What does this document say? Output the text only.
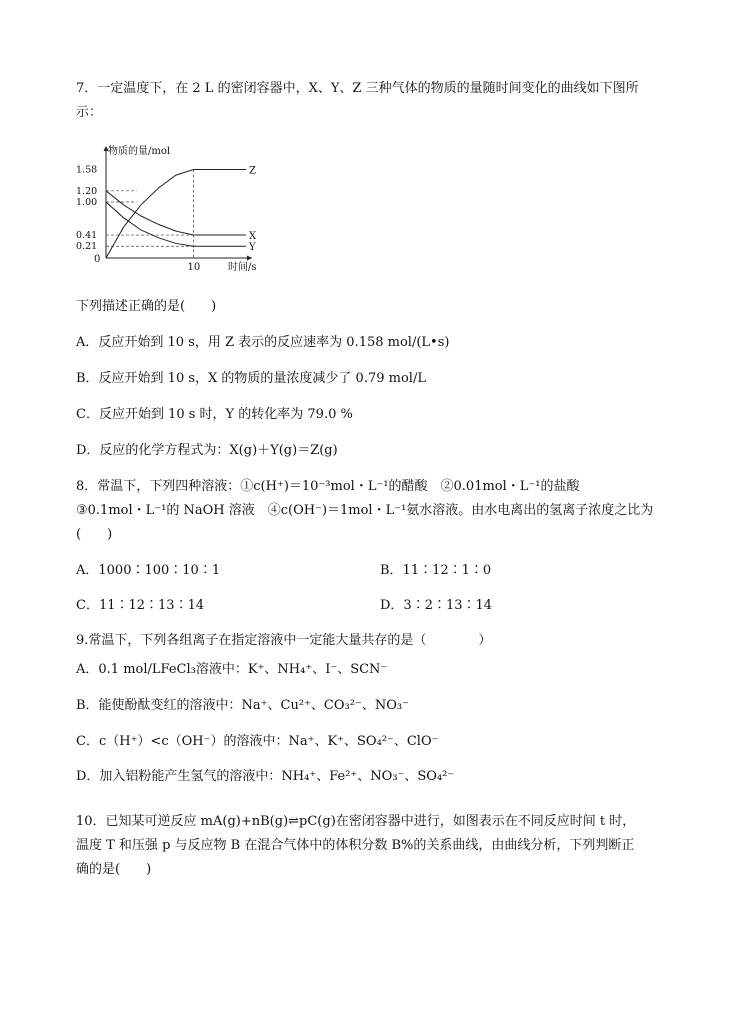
7．一定温度下，在 2 L 的密闭容器中，X、Y、Z 三种气体的物质的量随时间变化的曲线如下图所
示：
物质的量/mol
时间/s
0
1.58
1.20
1.00
0.41
0.21
10
Z
X
Y
下列描述正确的是(　　)
A．反应开始到 10 s，用 Z 表示的反应速率为 0.158 mol/(L•s)
B．反应开始到 10 s，X 的物质的量浓度减少了 0.79 mol/L
C．反应开始到 10 s 时，Y 的转化率为 79.0 %
D．反应的化学方程式为：X(g)＋Y(g)＝Z(g)
8．常温下，下列四种溶液：①c(H⁺)＝10⁻³mol・L⁻¹的醋酸　②0.01mol・L⁻¹的盐酸
③0.1mol・L⁻¹的 NaOH 溶液　④c(OH⁻)＝1mol・L⁻¹氨水溶液。由水电离出的氢离子浓度之比为
(　　)
A．1000∶100∶10∶1	B．11∶12∶1∶0
C．11∶12∶13∶14	D．3∶2∶13∶14
9.常温下，下列各组离子在指定溶液中一定能大量共存的是（　　　　）
A．0.1 mol/LFeCl₃溶液中：K⁺、NH₄⁺、I⁻、SCN⁻
B．能使酚酞变红的溶液中：Na⁺、Cu²⁺、CO₃²⁻、NO₃⁻
C．c（H⁺）<c（OH⁻）的溶液中：Na⁺、K⁺、SO₄²⁻、ClO⁻
D．加入铝粉能产生氢气的溶液中：NH₄⁺、Fe²⁺、NO₃⁻、SO₄²⁻
10．已知某可逆反应 mA(g)+nB(g)⇌pC(g)在密闭容器中进行，如图表示在不同反应时间 t 时，
温度 T 和压强 p 与反应物 B 在混合气体中的体积分数 B%的关系曲线，由曲线分析，下列判断正
确的是(　　)
